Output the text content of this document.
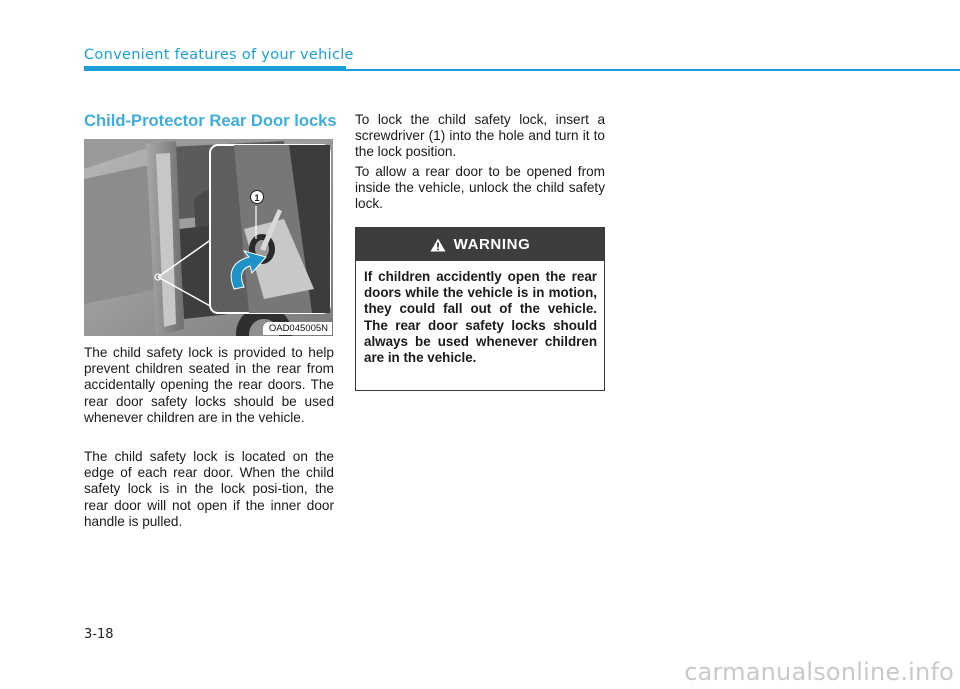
Convenient features of your vehicle
Child-Protector Rear Door locks
1
OAD045005N
The child safety lock is provided to help prevent children seated in the rear from accidentally opening the rear doors. The rear door safety locks should be used whenever children are in the vehicle.
The child safety lock is located on the edge of each rear door. When the child safety lock is in the lock posi-tion, the rear door will not open if the inner door handle is pulled.
To lock the child safety lock, insert a screwdriver (1) into the hole and turn it to the lock position.
To allow a rear door to be opened from inside the vehicle, unlock the child safety lock.
WARNING
If children accidently open the rear doors while the vehicle is in motion, they could fall out of the vehicle. The rear door safety locks should always be used whenever children are in the vehicle.
3-18
carmanualsonline.info
